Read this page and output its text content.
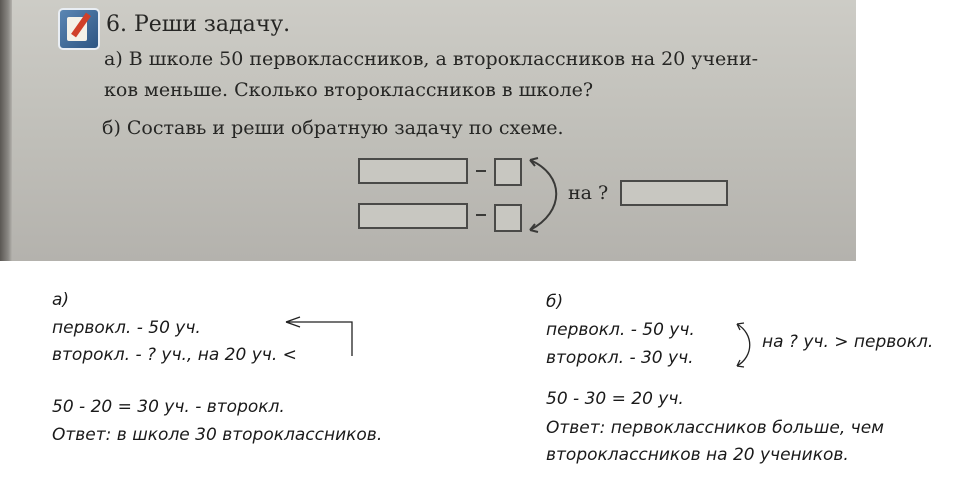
6. Реши задачу.
а) В школе 50 первоклассников, а второклассников на 20 учени-
ков меньше. Сколько второклассников в школе?
б) Составь и реши обратную задачу по схеме.
на ?
а)
первокл. - 50 уч.
второкл. - ? уч., на 20 уч. <
50 - 20 = 30 уч. - второкл.
Ответ: в школе 30 второклассников.
б)
первокл. - 50 уч.
второкл. - 30 уч.
на ? уч. > первокл.
50 - 30 = 20 уч.
Ответ: первоклассников больше, чем
второклассников на 20 учеников.
